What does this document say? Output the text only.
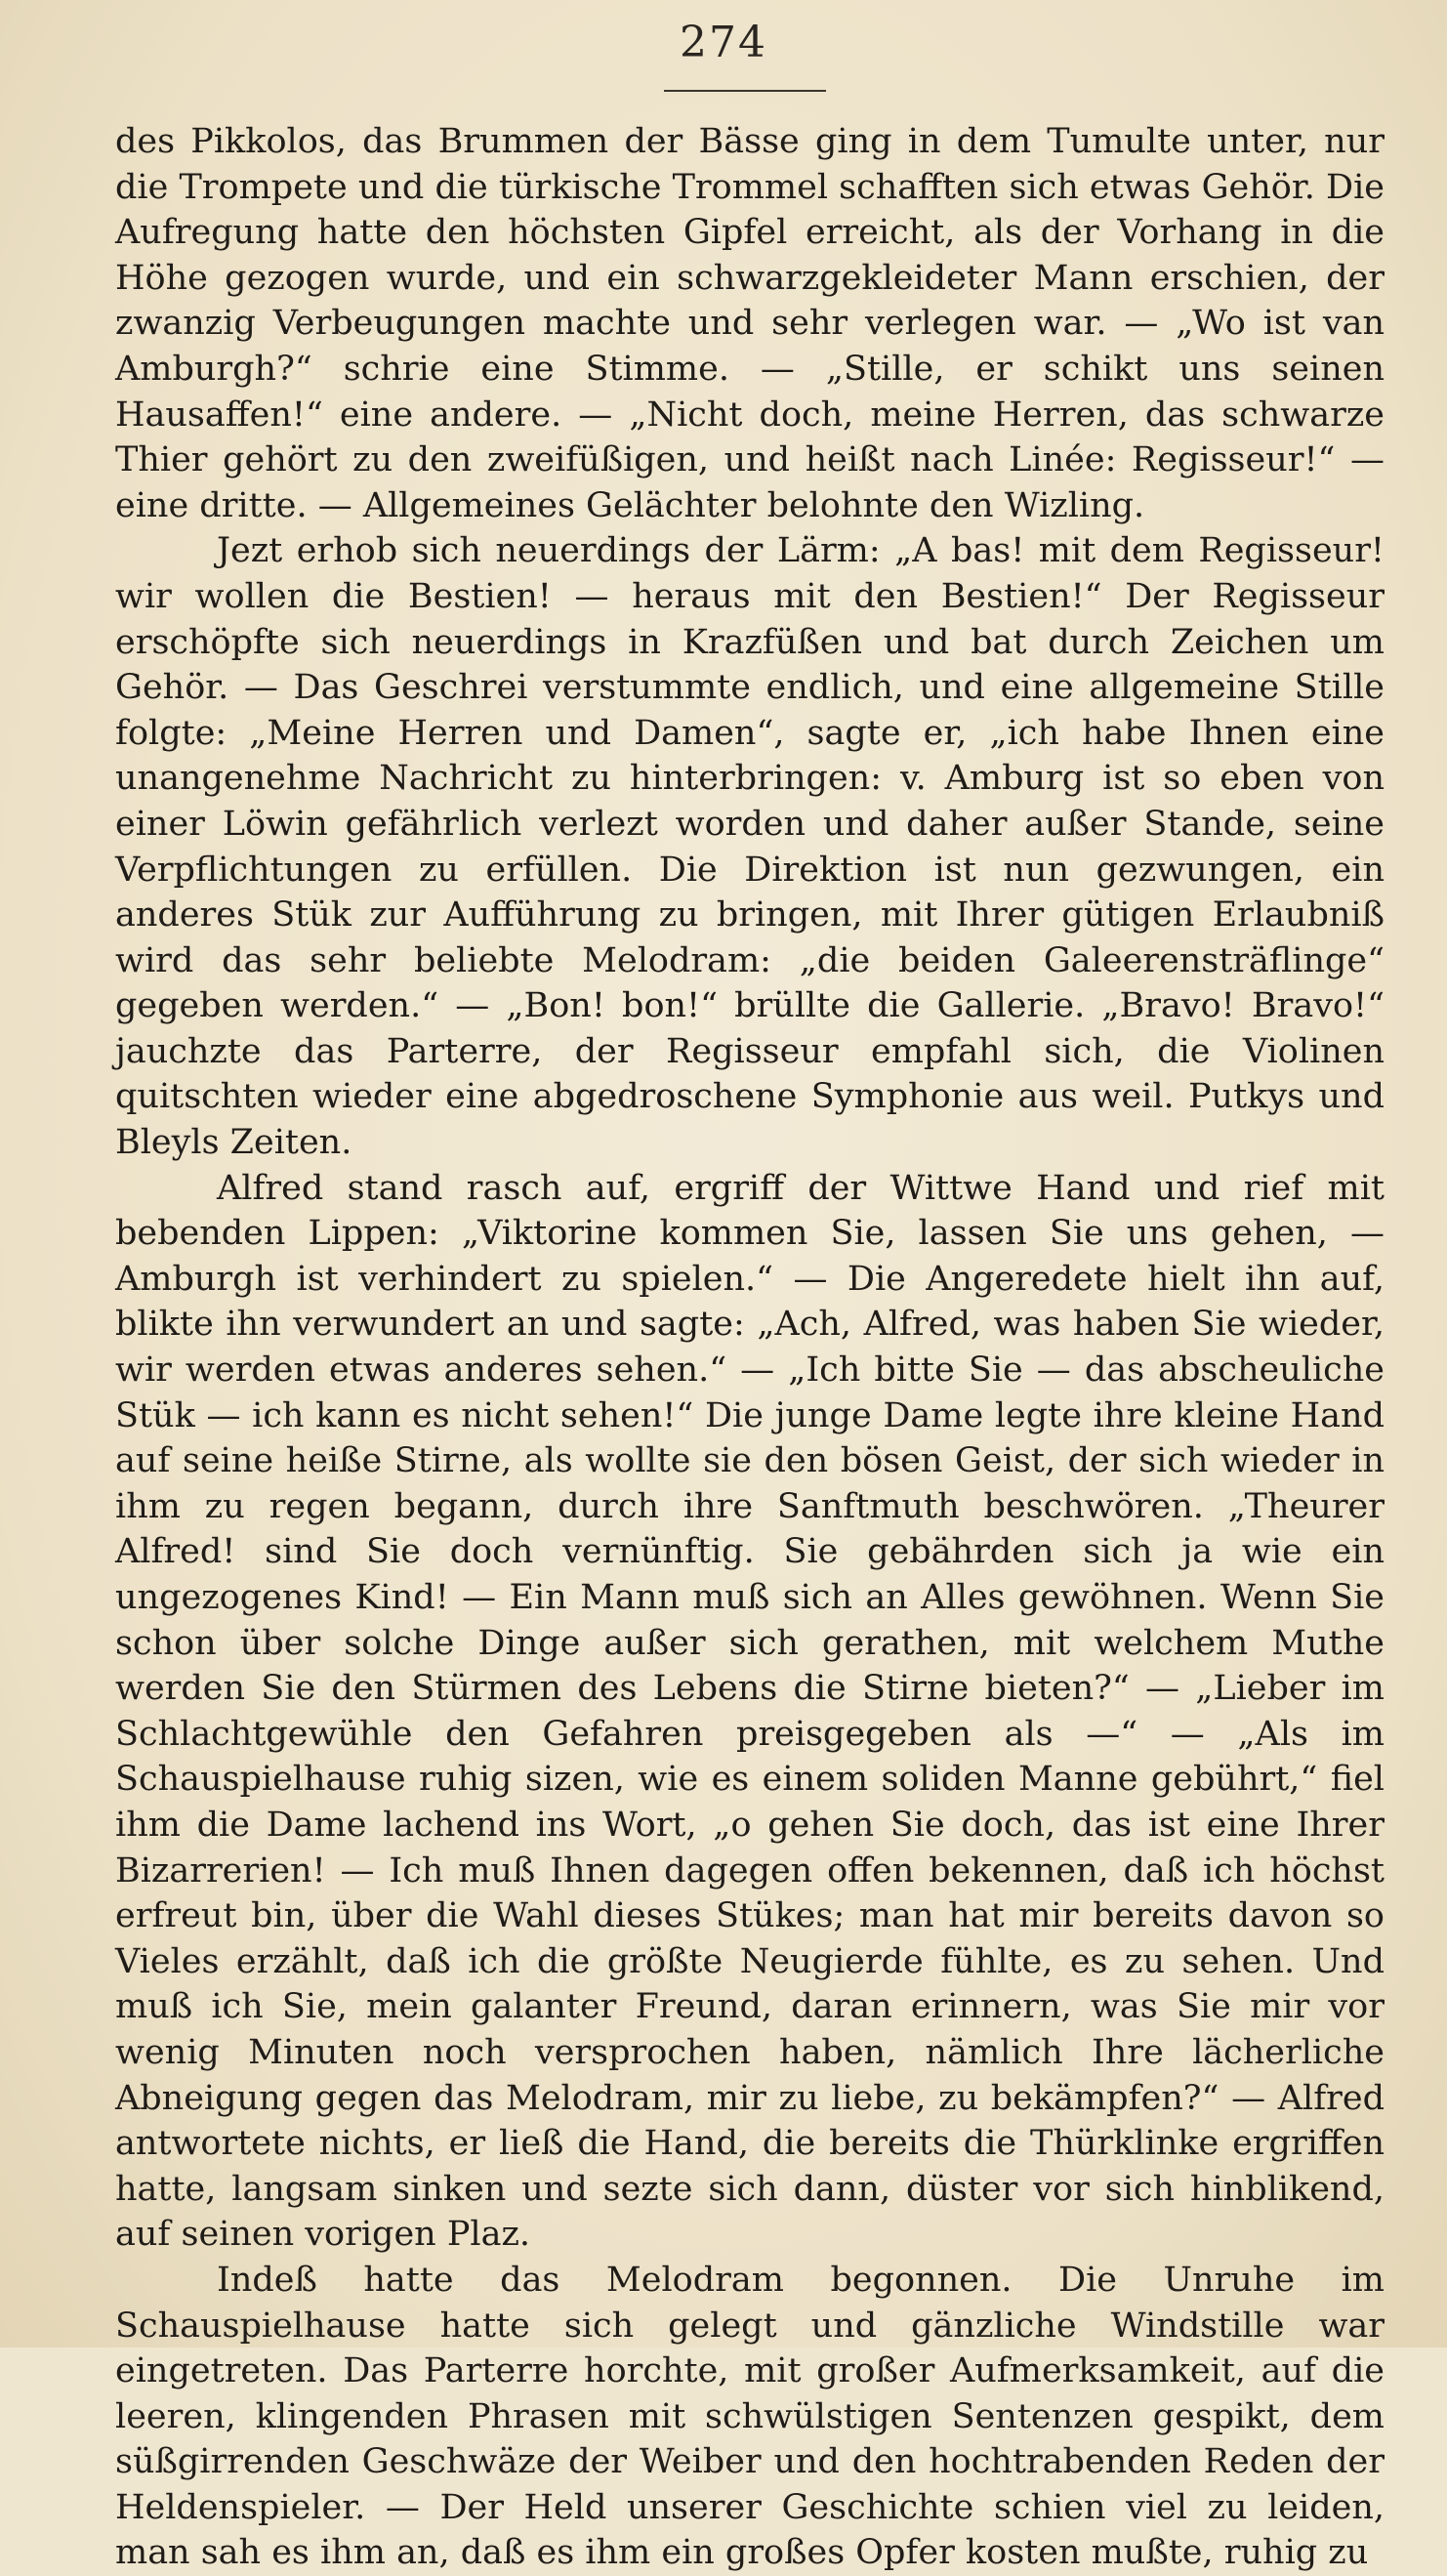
274

des Pikkolos, das Brummen der Bässe ging in dem Tumulte unter, nur die Trompete und die türkische Trommel schafften sich etwas Gehör. Die Aufregung hatte den höchsten Gipfel erreicht, als der Vorhang in die Höhe gezogen wurde, und ein schwarzgekleideter Mann erschien, der zwanzig Verbeugungen machte und sehr verlegen war. — „Wo ist van Amburgh?“ schrie eine Stimme. — „Stille, er schikt uns seinen Hausaffen!“ eine andere. — „Nicht doch, meine Herren, das schwarze Thier gehört zu den zweifüßigen, und heißt nach Linée: Regisseur!“ — eine dritte. — Allgemeines Gelächter belohnte den Wizling.

Jezt erhob sich neuerdings der Lärm: „A bas! mit dem Regisseur! wir wollen die Bestien! — heraus mit den Bestien!“ Der Regisseur erschöpfte sich neuerdings in Krazfüßen und bat durch Zeichen um Gehör. — Das Geschrei verstummte endlich, und eine allgemeine Stille folgte: „Meine Herren und Damen“, sagte er, „ich habe Ihnen eine unangenehme Nachricht zu hinterbringen: v. Amburg ist so eben von einer Löwin gefährlich verlezt worden und daher außer Stande, seine Verpflichtungen zu erfüllen. Die Direktion ist nun gezwungen, ein anderes Stük zur Aufführung zu bringen, mit Ihrer gütigen Erlaubniß wird das sehr beliebte Melodram: „die beiden Galeerensträflinge“ gegeben werden.“ — „Bon! bon!“ brüllte die Gallerie. „Bravo! Bravo!“ jauchzte das Parterre, der Regisseur empfahl sich, die Violinen quitschten wieder eine abgedroschene Symphonie aus weil. Putkys und Bleyls Zeiten.

Alfred stand rasch auf, ergriff der Wittwe Hand und rief mit bebenden Lippen: „Viktorine kommen Sie, lassen Sie uns gehen, — Amburgh ist verhindert zu spielen.“ — Die Angeredete hielt ihn auf, blikte ihn verwundert an und sagte: „Ach, Alfred, was haben Sie wieder, wir werden etwas anderes sehen.“ — „Ich bitte Sie — das abscheuliche Stük — ich kann es nicht sehen!“ Die junge Dame legte ihre kleine Hand auf seine heiße Stirne, als wollte sie den bösen Geist, der sich wieder in ihm zu regen begann, durch ihre Sanftmuth beschwören. „Theurer Alfred! sind Sie doch vernünftig. Sie gebährden sich ja wie ein ungezogenes Kind! — Ein Mann muß sich an Alles gewöhnen. Wenn Sie schon über solche Dinge außer sich gerathen, mit welchem Muthe werden Sie den Stürmen des Lebens die Stirne bieten?“ — „Lieber im Schlachtgewühle den Gefahren preisgegeben als —“ — „Als im Schauspielhause ruhig sizen, wie es einem soliden Manne gebührt,“ fiel ihm die Dame lachend ins Wort, „o gehen Sie doch, das ist eine Ihrer Bizarrerien! — Ich muß Ihnen dagegen offen bekennen, daß ich höchst erfreut bin, über die Wahl dieses Stükes; man hat mir bereits davon so Vieles erzählt, daß ich die größte Neugierde fühlte, es zu sehen. Und muß ich Sie, mein galanter Freund, daran erinnern, was Sie mir vor wenig Minuten noch versprochen haben, nämlich Ihre lächerliche Abneigung gegen das Melodram, mir zu liebe, zu bekämpfen?“ — Alfred antwortete nichts, er ließ die Hand, die bereits die Thürklinke ergriffen hatte, langsam sinken und sezte sich dann, düster vor sich hinblikend, auf seinen vorigen Plaz.

Indeß hatte das Melodram begonnen. Die Unruhe im Schauspielhause hatte sich gelegt und gänzliche Windstille war eingetreten. Das Parterre horchte, mit großer Aufmerksamkeit, auf die leeren, klingenden Phrasen mit schwülstigen Sentenzen gespikt, dem süßgirrenden Geschwäze der Weiber und den hochtrabenden Reden der Heldenspieler. — Der Held unserer Geschichte schien viel zu leiden, man sah es ihm an, daß es ihm ein großes Opfer kosten mußte, ruhig zu
